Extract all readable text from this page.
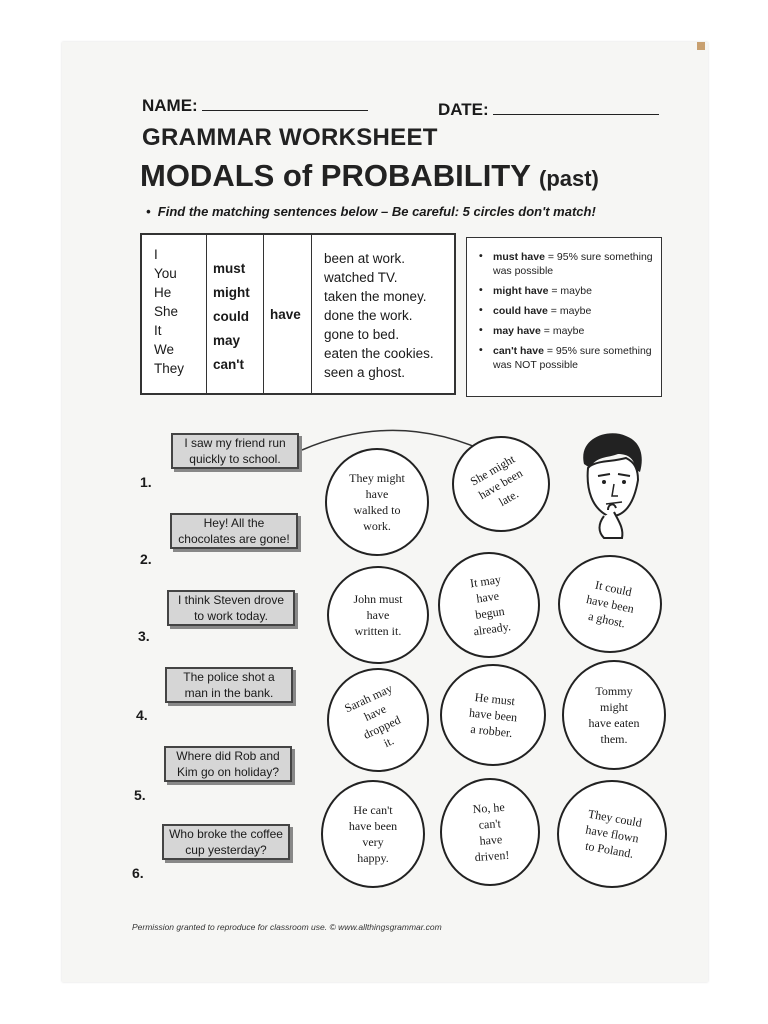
NAME:	DATE:
GRAMMAR WORKSHEET
MODALS of PROBABILITY (past)
• Find the matching sentences below – Be careful: 5 circles don't match!
I
You
He
She
It
We
They
must
might
could
may
can't
have
been at work.
watched TV.
taken the money.
done the work.
gone to bed.
eaten the cookies.
seen a ghost.
• must have = 95% sure something was possible
• might have = maybe
• could have = maybe
• may have = maybe
• can't have = 95% sure something was NOT possible
I saw my friend run quickly to school.
1.
Hey! All the chocolates are gone!
2.
I think Steven drove to work today.
3.
The police shot a man in the bank.
4.
Where did Rob and Kim go on holiday?
5.
Who broke the coffee cup yesterday?
6.
They might
have
walked to
work.
She might
have been
late.
John must
have
written it.
It may
have
begun
already.
It could
have been
a ghost.
Sarah may
have
dropped
it.
He must
have been
a robber.
Tommy
might
have eaten
them.
He can't
have been
very
happy.
No, he
can't
have
driven!
They could
have flown
to Poland.
Permission granted to reproduce for classroom use. © www.allthingsgrammar.com
